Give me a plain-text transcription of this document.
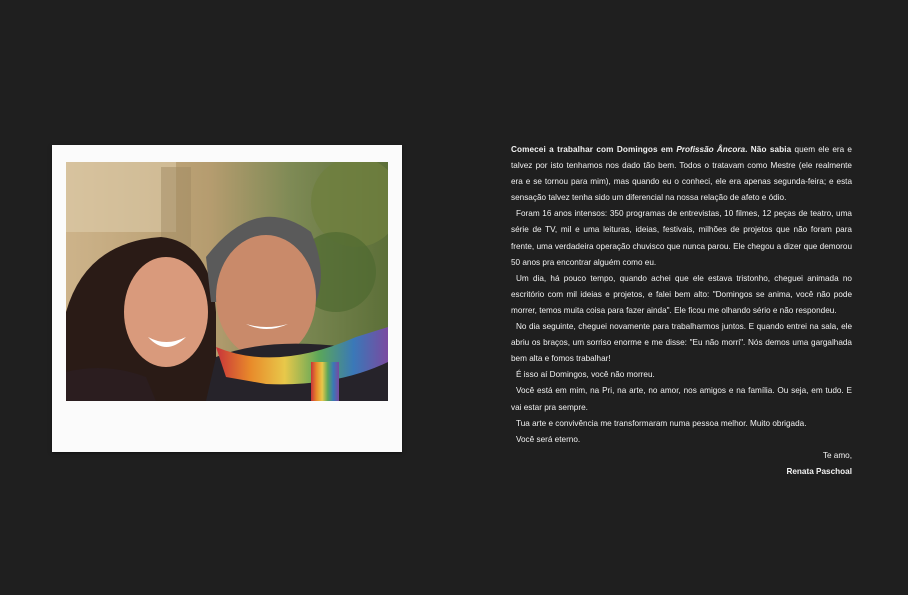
Comecei a trabalhar com Domingos em Profissão Âncora. Não sabia quem ele era e talvez por isto tenhamos nos dado tão bem. Todos o tratavam como Mestre (ele realmente era e se tornou para mim), mas quando eu o conheci, ele era apenas segunda-feira; e esta sensação talvez tenha sido um diferencial na nossa relação de afeto e ódio.

Foram 16 anos intensos: 350 programas de entrevistas, 10 filmes, 12 peças de teatro, uma série de TV, mil e uma leituras, ideias, festivais, milhões de projetos que não foram para frente, uma verdadeira operação chuvisco que nunca parou. Ele chegou a dizer que demorou 50 anos pra encontrar alguém como eu.

Um dia, há pouco tempo, quando achei que ele estava tristonho, cheguei animada no escritório com mil ideias e projetos, e falei bem alto: "Domingos se anima, você não pode morrer, temos muita coisa para fazer ainda". Ele ficou me olhando sério e não respondeu.

No dia seguinte, cheguei novamente para trabalharmos juntos. E quando entrei na sala, ele abriu os braços, um sorriso enorme e me disse: "Eu não morri". Nós demos uma gargalhada bem alta e fomos trabalhar!

É isso aí Domingos, você não morreu.

Você está em mim, na Pri, na arte, no amor, nos amigos e na família. Ou seja, em tudo. E vai estar pra sempre.

Tua arte e convivência me transformaram numa pessoa melhor. Muito obrigada.

Você será eterno.

Te amo,

Renata Paschoal
